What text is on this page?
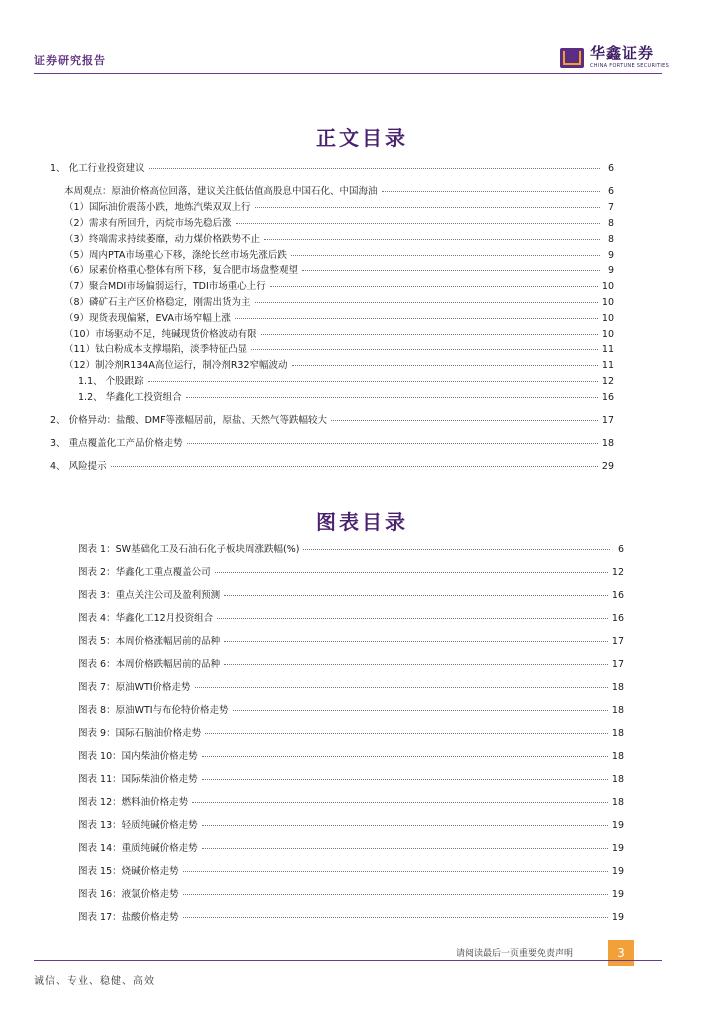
证券研究报告	华鑫证券
CHINA FORTUNE SECURITIES
正文目录
1、 化工行业投资建议	6
本周观点：原油价格高位回落，建议关注低估值高股息中国石化、中国海油	6
（1）国际油价震荡小跌，地炼汽柴双双上行	7
（2）需求有所回升，丙烷市场先稳后涨	8
（3）终端需求持续萎靡，动力煤价格跌势不止	8
（5）周内PTA市场重心下移，涤纶长丝市场先涨后跌	9
（6）尿素价格重心整体有所下移，复合肥市场盘整观望	9
（7）聚合MDI市场偏弱运行，TDI市场重心上行	10
（8）磷矿石主产区价格稳定，刚需出货为主	10
（9）现货表现偏紧，EVA市场窄幅上涨	10
（10）市场驱动不足，纯碱现货价格波动有限	10
（11）钛白粉成本支撑塌陷，淡季特征凸显	11
（12）制冷剂R134A高位运行，制冷剂R32窄幅波动	11
1.1、 个股跟踪	12
1.2、 华鑫化工投资组合	16
2、 价格异动：盐酸、DMF等涨幅居前，原盐、天然气等跌幅较大	17
3、 重点覆盖化工产品价格走势	18
4、 风险提示	29
图表目录
图表 1：SW基础化工及石油石化子板块周涨跌幅(%)	6
图表 2：华鑫化工重点覆盖公司	12
图表 3：重点关注公司及盈利预测	16
图表 4：华鑫化工12月投资组合	16
图表 5：本周价格涨幅居前的品种	17
图表 6：本周价格跌幅居前的品种	17
图表 7：原油WTI价格走势	18
图表 8：原油WTI与布伦特价格走势	18
图表 9：国际石脑油价格走势	18
图表 10：国内柴油价格走势	18
图表 11：国际柴油价格走势	18
图表 12：燃料油价格走势	18
图表 13：轻质纯碱价格走势	19
图表 14：重质纯碱价格走势	19
图表 15：烧碱价格走势	19
图表 16：液氯价格走势	19
图表 17：盐酸价格走势	19
请阅读最后一页重要免责声明	3
诚信、专业、稳健、高效
